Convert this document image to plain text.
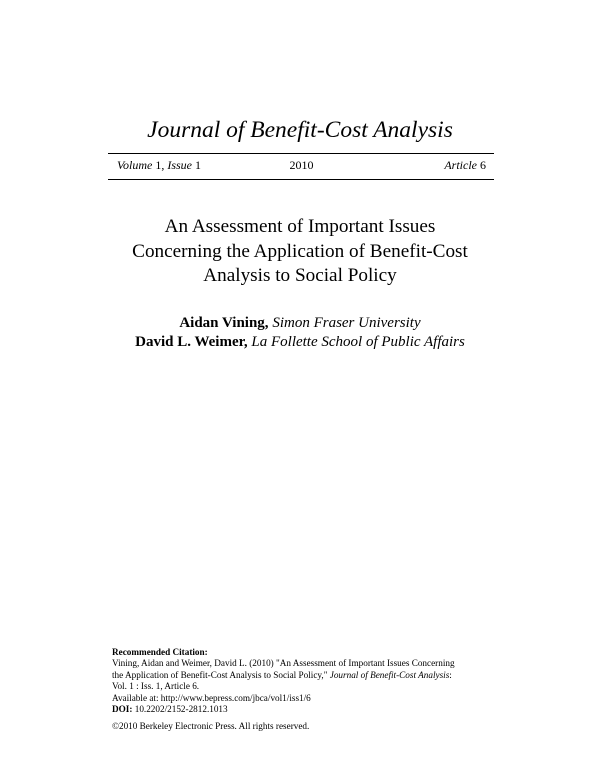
Journal of Benefit-Cost Analysis
Volume 1, Issue 1	2010	Article 6
An Assessment of Important Issues
Concerning the Application of Benefit-Cost
Analysis to Social Policy
Aidan Vining, Simon Fraser University
David L. Weimer, La Follette School of Public Affairs
Recommended Citation:
Vining, Aidan and Weimer, David L. (2010) "An Assessment of Important Issues Concerning
the Application of Benefit-Cost Analysis to Social Policy," Journal of Benefit-Cost Analysis:
Vol. 1 : Iss. 1, Article 6.
Available at: http://www.bepress.com/jbca/vol1/iss1/6
DOI: 10.2202/2152-2812.1013
©2010 Berkeley Electronic Press. All rights reserved.
